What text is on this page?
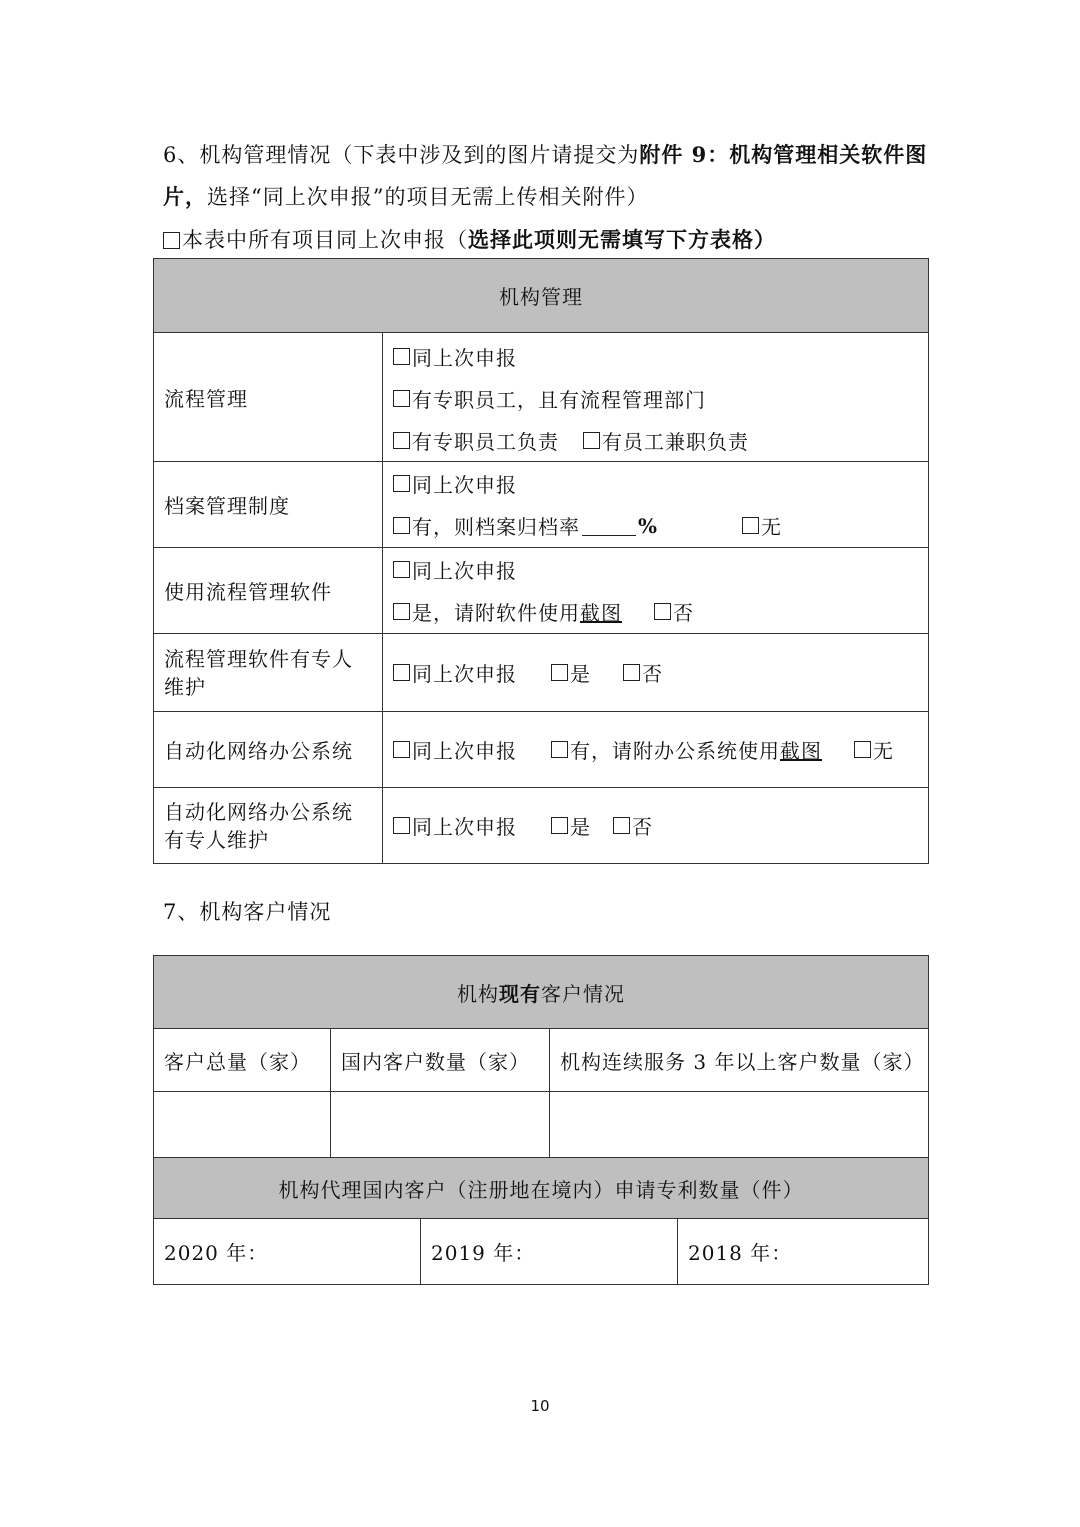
6、机构管理情况（下表中涉及到的图片请提交为附件 9：机构管理相关软件图
片，选择“同上次申报”的项目无需上传相关附件）
本表中所有项目同上次申报（选择此项则无需填写下方表格）
机构管理	
流程管理	同上次申报
有专职员工，且有流程管理部门
有专职员工负责 有员工兼职负责

档案管理制度	同上次申报
有，则档案归档率 % 无

使用流程管理软件	同上次申报
是，请附软件使用 截图 否

流程管理软件有专人维护	同上次申报 是 否

自动化网络办公系统	同上次申报 有，请附办公系统使用 截图 无

自动化网络办公系统有专人维护	同上次申报 是 否
7、机构客户情况
机构现有客户情况				
客户总量（家）	国内客户数量（家）		机构连续服务 3 年以上客户数量（家）	

机构代理国内客户（注册地在境内）申请专利数量（件）				
2020 年：		2019 年：		2018 年：
10
